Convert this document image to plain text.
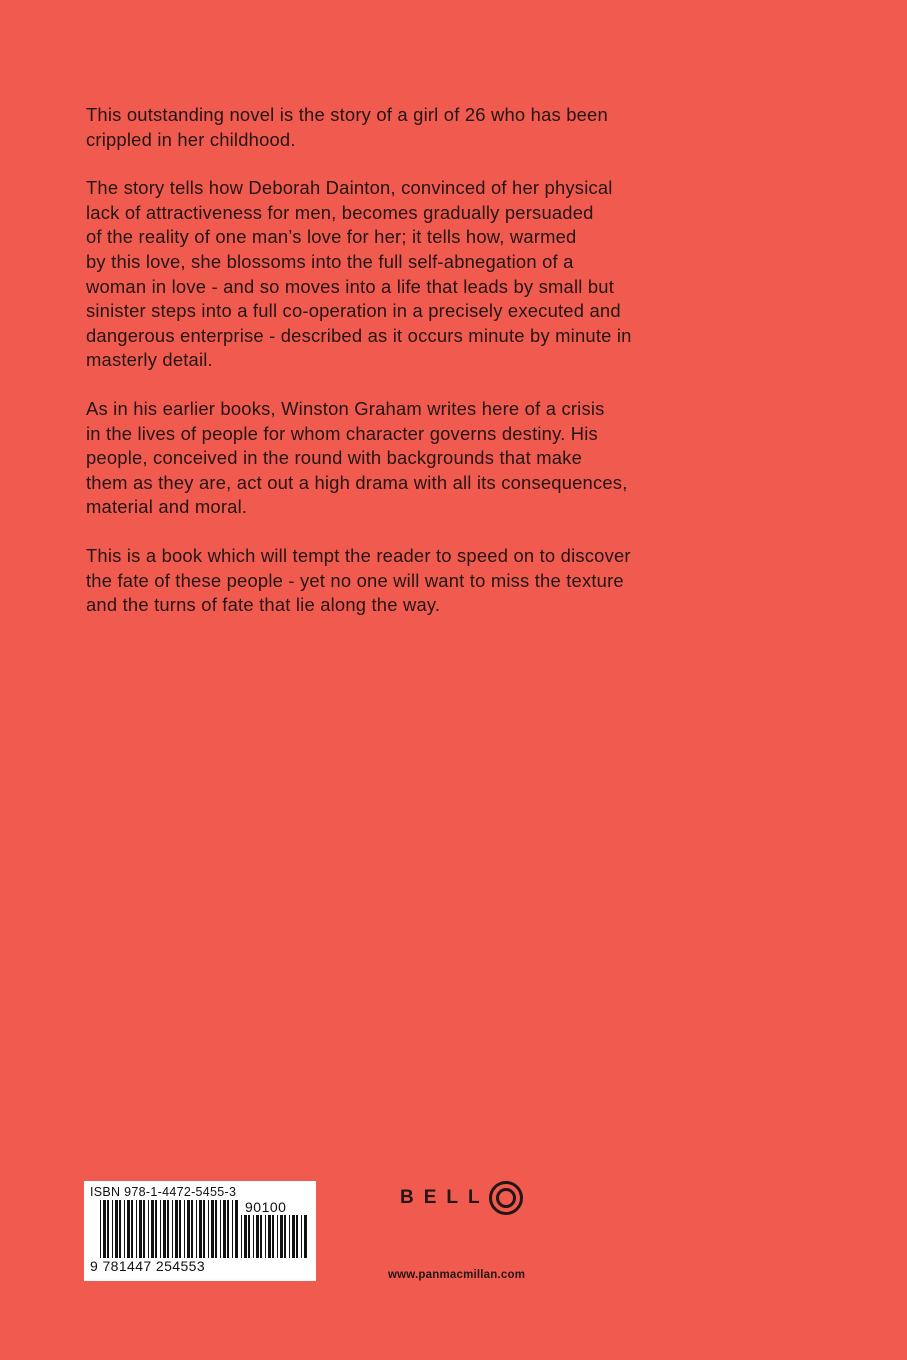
This outstanding novel is the story of a girl of 26 who has been
crippled in her childhood.
The story tells how Deborah Dainton, convinced of her physical
lack of attractiveness for men, becomes gradually persuaded
of the reality of one man’s love for her; it tells how, warmed
by this love, she blossoms into the full self-abnegation of a
woman in love - and so moves into a life that leads by small but
sinister steps into a full co-operation in a precisely executed and
dangerous enterprise - described as it occurs minute by minute in
masterly detail.
As in his earlier books, Winston Graham writes here of a crisis
in the lives of people for whom character governs destiny. His
people, conceived in the round with backgrounds that make
them as they are, act out a high drama with all its consequences,
material and moral.
This is a book which will tempt the reader to speed on to discover
the fate of these people - yet no one will want to miss the texture
and the turns of fate that lie along the way.
ISBN 978-1-4472-5455-3
90100
9 781447 254553
BELL
www.panmacmillan.com
